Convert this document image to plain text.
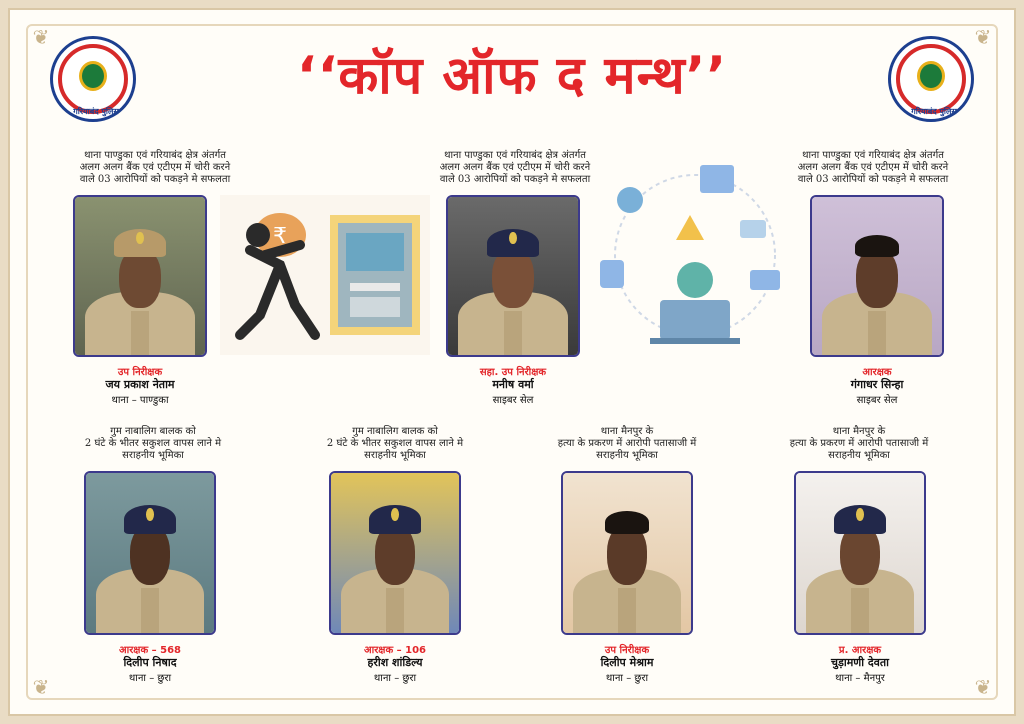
❦	❦
❦	❦
गरियाबंद पुलिस	गरियाबंद पुलिस
‘‘कॉप ऑफ द मन्थ’’
थाना पाण्डुका एवं गरियाबंद क्षेत्र अंतर्गत
अलग अलग बैंक एवं एटीएम में चोरी करने
वाले 03 आरोपियों को पकड़ने मे सफलता
थाना पाण्डुका एवं गरियाबंद क्षेत्र अंतर्गत
अलग अलग बैंक एवं एटीएम में चोरी करने
वाले 03 आरोपियों को पकड़ने मे सफलता
थाना पाण्डुका एवं गरियाबंद क्षेत्र अंतर्गत
अलग अलग बैंक एवं एटीएम में चोरी करने
वाले 03 आरोपियों को पकड़ने मे सफलता
₹
उप निरीक्षक
जय प्रकाश नेताम
थाना – पाण्डुका
सहा. उप निरीक्षक
मनीष वर्मा
साइबर सेल
आरक्षक
गंगाधर सिन्हा
साइबर सेल
गुम नाबालिग बालक को
2 घंटे के भीतर सकुशल वापस लाने मे
सराहनीय भूमिका
गुम नाबालिग बालक को
2 घंटे के भीतर सकुशल वापस लाने मे
सराहनीय भूमिका
थाना मैनपुर के
हत्या के प्रकरण में आरोपी पतासाजी में
सराहनीय भूमिका
थाना मैनपुर के
हत्या के प्रकरण में आरोपी पतासाजी में
सराहनीय भूमिका
आरक्षक – 568
दिलीप निषाद
थाना – छुरा
आरक्षक – 106
हरीश शांडिल्य
थाना – छुरा
उप निरीक्षक
दिलीप मेश्राम
थाना – छुरा
प्र. आरक्षक
चुड़ामणी देवता
थाना – मैनपुर
